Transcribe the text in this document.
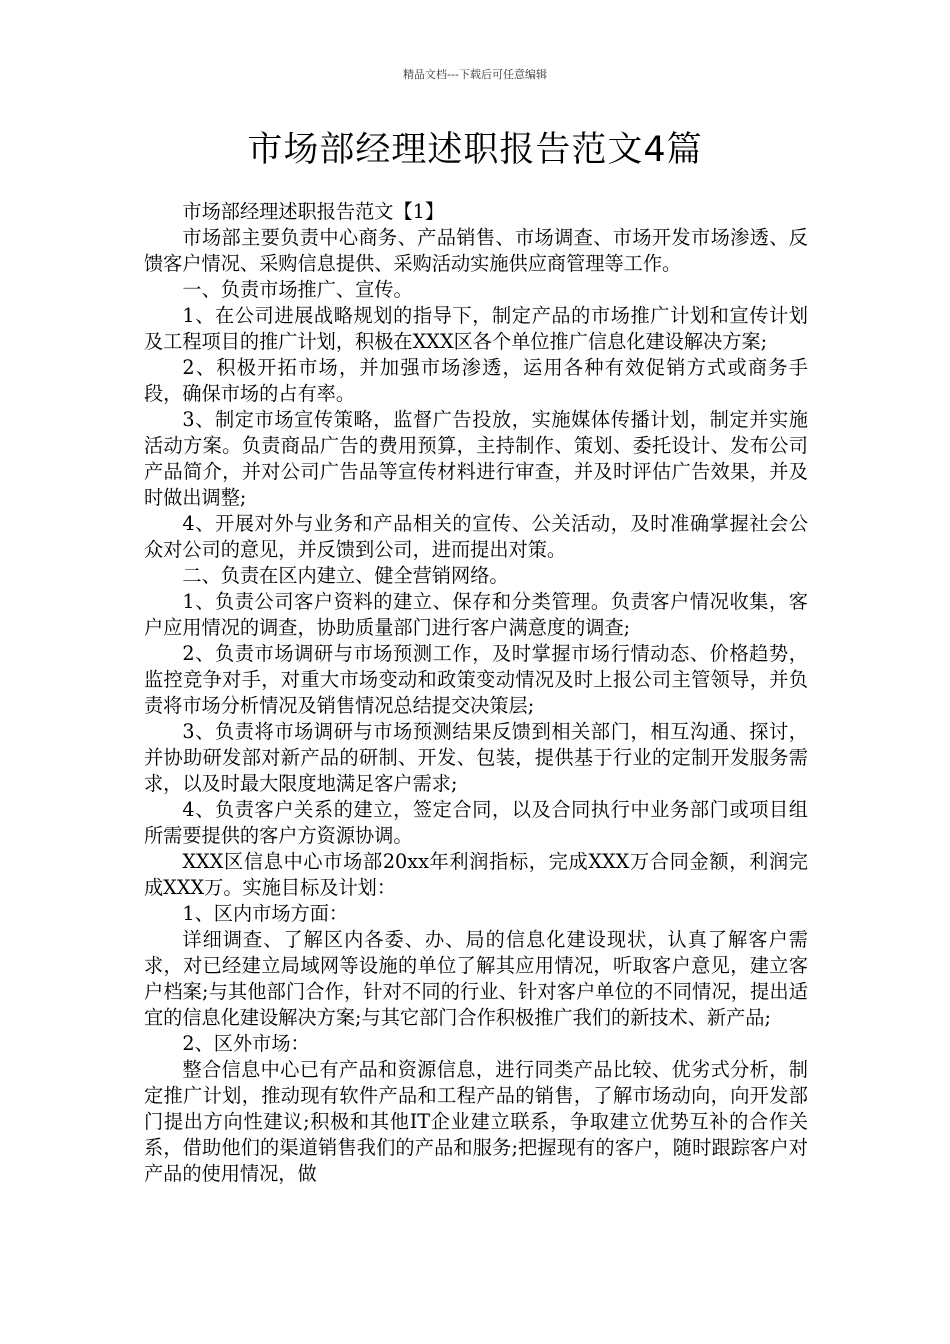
精品文档---下载后可任意编辑
市场部经理述职报告范文4篇

市场部经理述职报告范文【1】

市场部主要负责中心商务、产品销售、市场调查、市场开发市场渗透、反馈客户情况、采购信息提供、采购活动实施供应商管理等工作。

一、负责市场推广、宣传。

1、在公司进展战略规划的指导下，制定产品的市场推广计划和宣传计划及工程项目的推广计划，积极在XXX区各个单位推广信息化建设解决方案;

2、积极开拓市场，并加强市场渗透，运用各种有效促销方式或商务手段，确保市场的占有率。

3、制定市场宣传策略，监督广告投放，实施媒体传播计划，制定并实施活动方案。负责商品广告的费用预算，主持制作、策划、委托设计、发布公司产品简介，并对公司广告品等宣传材料进行审查，并及时评估广告效果，并及时做出调整;

4、开展对外与业务和产品相关的宣传、公关活动，及时准确掌握社会公众对公司的意见，并反馈到公司，进而提出对策。

二、负责在区内建立、健全营销网络。

1、负责公司客户资料的建立、保存和分类管理。负责客户情况收集，客户应用情况的调查，协助质量部门进行客户满意度的调查;

2、负责市场调研与市场预测工作，及时掌握市场行情动态、价格趋势，监控竞争对手，对重大市场变动和政策变动情况及时上报公司主管领导，并负责将市场分析情况及销售情况总结提交决策层;

3、负责将市场调研与市场预测结果反馈到相关部门，相互沟通、探讨，并协助研发部对新产品的研制、开发、包装，提供基于行业的定制开发服务需求，以及时最大限度地满足客户需求;

4、负责客户关系的建立，签定合同，以及合同执行中业务部门或项目组所需要提供的客户方资源协调。

XXX区信息中心市场部20xx年利润指标，完成XXX万合同金额，利润完成XXX万。实施目标及计划：

1、区内市场方面：

详细调查、了解区内各委、办、局的信息化建设现状，认真了解客户需求，对已经建立局域网等设施的单位了解其应用情况，听取客户意见，建立客户档案;与其他部门合作，针对不同的行业、针对客户单位的不同情况，提出适宜的信息化建设解决方案;与其它部门合作积极推广我们的新技术、新产品;

2、区外市场：

整合信息中心已有产品和资源信息，进行同类产品比较、优劣式分析，制定推广计划，推动现有软件产品和工程产品的销售，了解市场动向，向开发部门提出方向性建议;积极和其他IT企业建立联系，争取建立优势互补的合作关系，借助他们的渠道销售我们的产品和服务;把握现有的客户，随时跟踪客户对产品的使用情况，做
